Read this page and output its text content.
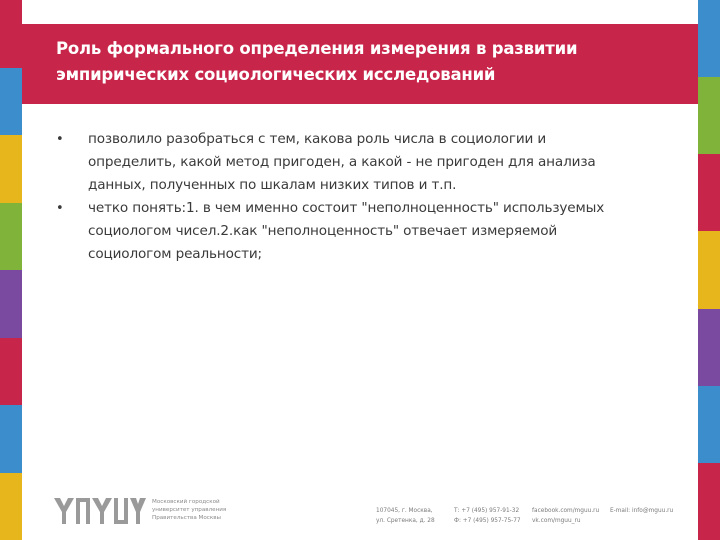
Роль формального определения измерения в развитии
эмпирических социологических исследований
• позволило разобраться с тем, какова роль числа в социологии и
определить, какой метод пригоден, а какой - не пригоден для анализа
данных, полученных по шкалам низких типов и т.п.
• четко понять:1. в чем именно состоит "неполноценность" используемых
социологом чисел.2.как "неполноценность" отвечает измеряемой
социологом реальности;
Московский городской
университет управления
Правительства Москвы
107045, г. Москва,
ул. Сретенка, д. 28
Т: +7 (495) 957-91-32
Ф: +7 (495) 957-75-77
facebook.com/mguu.ru
vk.com/mguu_ru
E-mail: info@mguu.ru
